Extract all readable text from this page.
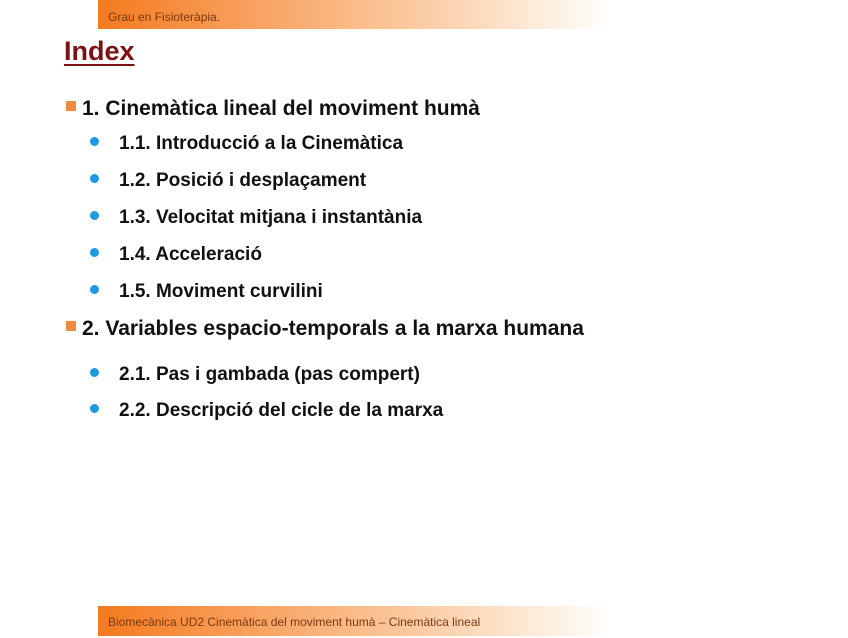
Grau en Fisioteràpia.
Index
1. Cinemàtica lineal del moviment humà
1.1. Introducció a la Cinemàtica
1.2. Posició i desplaçament
1.3. Velocitat mitjana i instantània
1.4. Acceleració
1.5. Moviment curvilini
2. Variables espacio-temporals a la marxa humana
2.1. Pas i gambada (pas compert)
2.2. Descripció del cicle de la marxa
Biomecànica UD2 Cinemàtica del moviment humà – Cinemàtica lineal
